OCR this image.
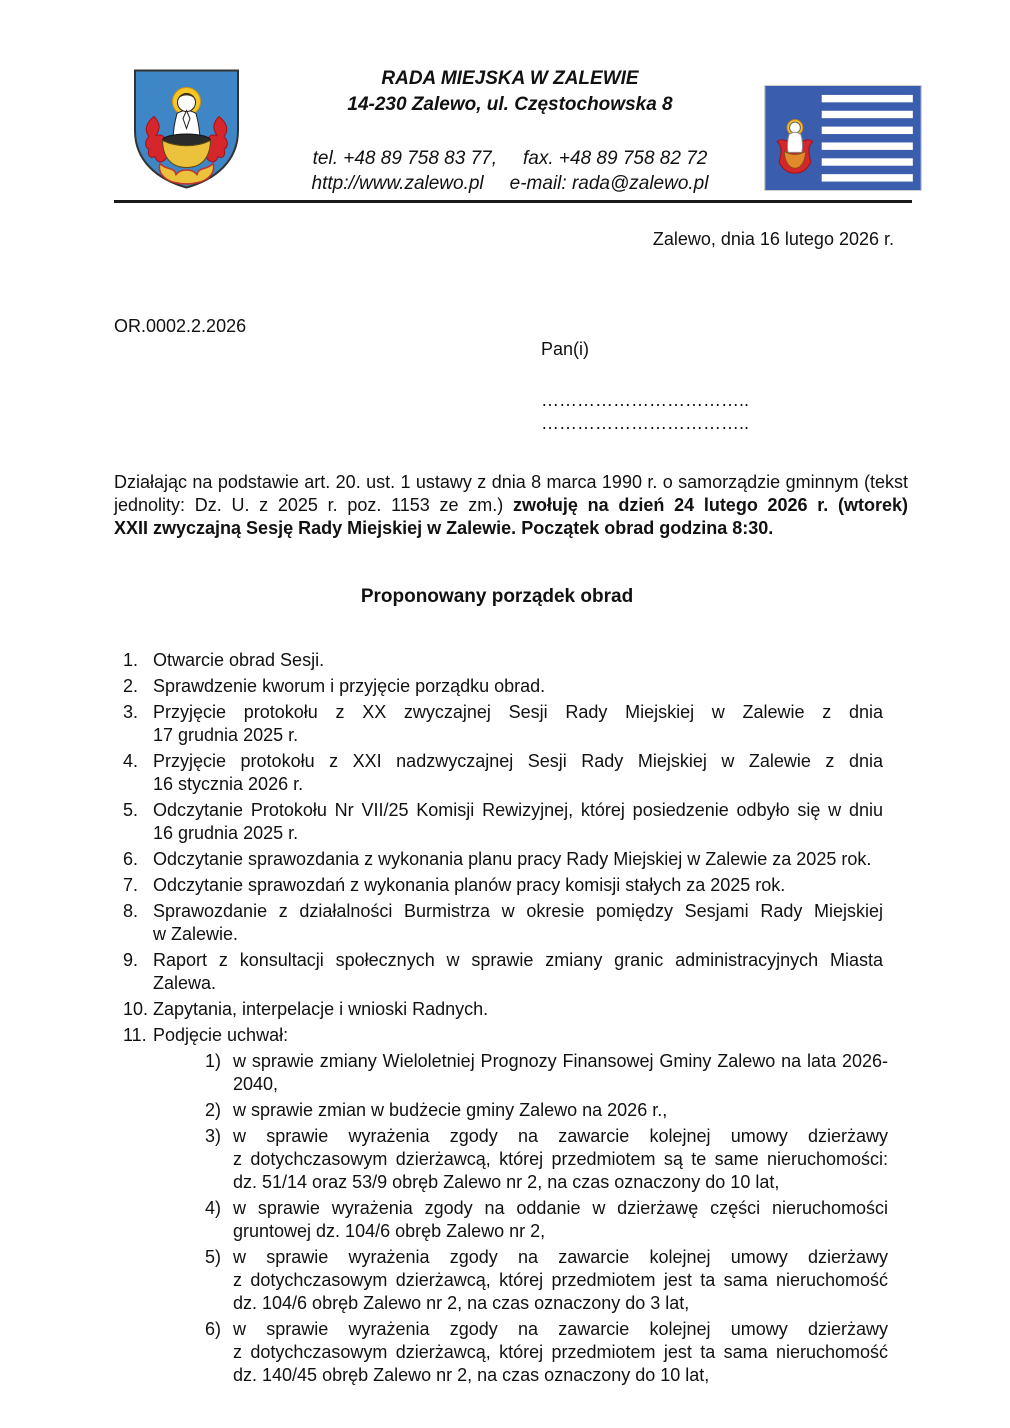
RADA MIEJSKA W ZALEWIE
14-230 Zalewo, ul. Częstochowska 8
tel. +48 89 758 83 77, fax. +48 89 758 82 72
http://www.zalewo.pl e-mail: rada@zalewo.pl
Zalewo, dnia 16 lutego 2026 r.
OR.0002.2.2026
Pan(i)
……………………………..
……………………………..

Działając na podstawie art. 20. ust. 1 ustawy z dnia 8 marca 1990 r. o samorządzie gminnym (tekst jednolity: Dz. U. z 2025 r. poz. 1153 ze zm.) zwołuję na dzień 24 lutego 2026 r. (wtorek)

XXII zwyczajną Sesję Rady Miejskiej w Zalewie. Początek obrad godzina 8:30.

Proponowany porządek obrad
1. Otwarcie obrad Sesji.
2. Sprawdzenie kworum i przyjęcie porządku obrad.
3. Przyjęcie protokołu z XX zwyczajnej Sesji Rady Miejskiej w Zalewie z dnia 17 grudnia 2025 r.
4. Przyjęcie protokołu z XXI nadzwyczajnej Sesji Rady Miejskiej w Zalewie z dnia 16 stycznia 2026 r.
5. Odczytanie Protokołu Nr VII/25 Komisji Rewizyjnej, której posiedzenie odbyło się w dniu 16 grudnia 2025 r.
6. Odczytanie sprawozdania z wykonania planu pracy Rady Miejskiej w Zalewie za 2025 rok.
7. Odczytanie sprawozdań z wykonania planów pracy komisji stałych za 2025 rok.
8. Sprawozdanie z działalności Burmistrza w okresie pomiędzy Sesjami Rady Miejskiej w Zalewie.
9. Raport z konsultacji społecznych w sprawie zmiany granic administracyjnych Miasta Zalewa.
10. Zapytania, interpelacje i wnioski Radnych.
11. Podjęcie uchwał:
1) w sprawie zmiany Wieloletniej Prognozy Finansowej Gminy Zalewo na lata 2026-2040,
2) w sprawie zmian w budżecie gminy Zalewo na 2026 r.,
3) w sprawie wyrażenia zgody na zawarcie kolejnej umowy dzierżawy z dotychczasowym dzierżawcą, której przedmiotem są te same nieruchomości: dz. 51/14 oraz 53/9 obręb Zalewo nr 2, na czas oznaczony do 10 lat,
4) w sprawie wyrażenia zgody na oddanie w dzierżawę części nieruchomości gruntowej dz. 104/6 obręb Zalewo nr 2,
5) w sprawie wyrażenia zgody na zawarcie kolejnej umowy dzierżawy z dotychczasowym dzierżawcą, której przedmiotem jest ta sama nieruchomość dz. 104/6 obręb Zalewo nr 2, na czas oznaczony do 3 lat,
6) w sprawie wyrażenia zgody na zawarcie kolejnej umowy dzierżawy z dotychczasowym dzierżawcą, której przedmiotem jest ta sama nieruchomość dz. 140/45 obręb Zalewo nr 2, na czas oznaczony do 10 lat,
